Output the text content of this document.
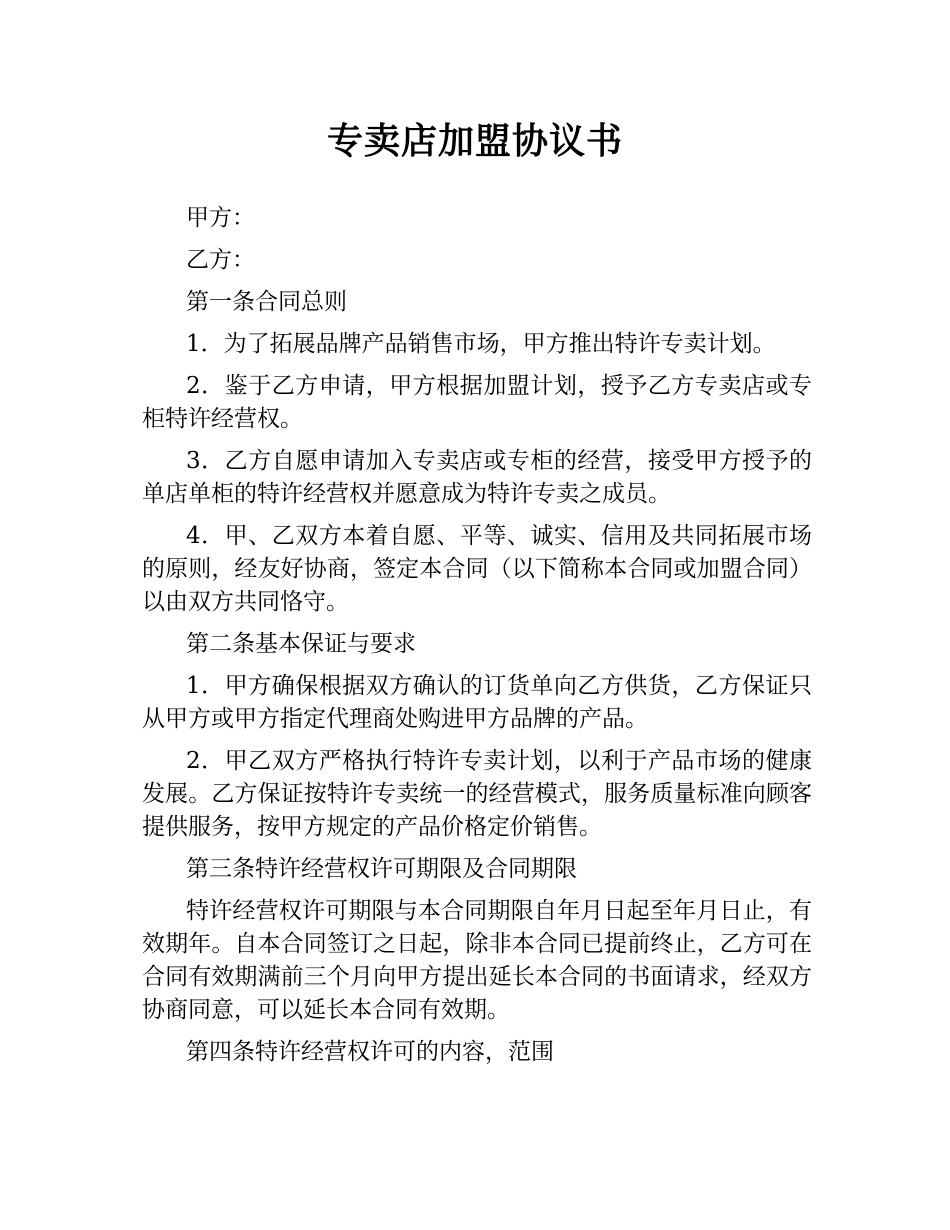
专卖店加盟协议书

甲方：

乙方：

第一条合同总则

1．为了拓展品牌产品销售市场，甲方推出特许专卖计划。

2．鉴于乙方申请，甲方根据加盟计划，授予乙方专卖店或专柜特许经营权。

3．乙方自愿申请加入专卖店或专柜的经营，接受甲方授予的单店单柜的特许经营权并愿意成为特许专卖之成员。

4．甲、乙双方本着自愿、平等、诚实、信用及共同拓展市场的原则，经友好协商，签定本合同（以下简称本合同或加盟合同）以由双方共同恪守。

第二条基本保证与要求

1．甲方确保根据双方确认的订货单向乙方供货，乙方保证只从甲方或甲方指定代理商处购进甲方品牌的产品。

2．甲乙双方严格执行特许专卖计划，以利于产品市场的健康发展。乙方保证按特许专卖统一的经营模式，服务质量标准向顾客提供服务，按甲方规定的产品价格定价销售。

第三条特许经营权许可期限及合同期限

特许经营权许可期限与本合同期限自年月日起至年月日止，有效期年。自本合同签订之日起，除非本合同已提前终止，乙方可在合同有效期满前三个月向甲方提出延长本合同的书面请求，经双方协商同意，可以延长本合同有效期。

第四条特许经营权许可的内容，范围
